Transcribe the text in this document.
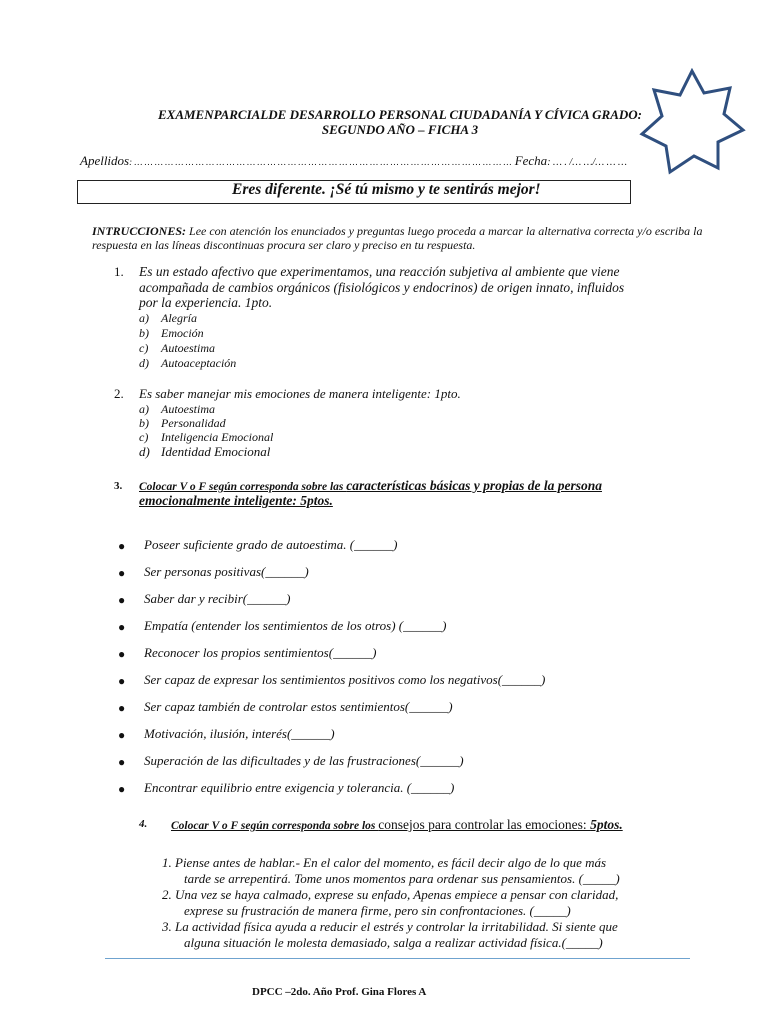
EXAMENPARCIALDE DESARROLLO PERSONAL CIUDADANÍA Y CÍVICA GRADO:
SEGUNDO AÑO – FICHA 3
Apellidos: … … … … … … … … … … … … … … … … … … … … … … … … … … … … … … … … … … … … … Fecha: … . /… …/… … …
Eres diferente. ¡Sé tú mismo y te sentirás mejor!
INTRUCCIONES: Lee con atención los enunciados y preguntas luego proceda a marcar la alternativa correcta y/o escriba la respuesta en las líneas discontinuas procura ser claro y preciso en tu respuesta.
1. Es un estado afectivo que experimentamos, una reacción subjetiva al ambiente que viene
acompañada de cambios orgánicos (fisiológicos y endocrinos) de origen innato, influidos
por la experiencia. 1pto.
a) Alegría
b) Emoción
c) Autoestima
d) Autoaceptación
2. Es saber manejar mis emociones de manera inteligente: 1pto.
a) Autoestima
b) Personalidad
c) Inteligencia Emocional
d) Identidad Emocional
3. Colocar V o F según corresponda sobre las características básicas y propias de la persona
emocionalmente inteligente: 5ptos.
● Poseer suficiente grado de autoestima. (______)
● Ser personas positivas(______)
● Saber dar y recibir(______)
● Empatía (entender los sentimientos de los otros) (______)
● Reconocer los propios sentimientos(______)
● Ser capaz de expresar los sentimientos positivos como los negativos(______)
● Ser capaz también de controlar estos sentimientos(______)
● Motivación, ilusión, interés(______)
● Superación de las dificultades y de las frustraciones(______)
● Encontrar equilibrio entre exigencia y tolerancia. (______)
4. Colocar V o F según corresponda sobre los consejos para controlar las emociones: 5ptos.
1. Piense antes de hablar.- En el calor del momento, es fácil decir algo de lo que más
tarde se arrepentirá. Tome unos momentos para ordenar sus pensamientos. (_____)
2. Una vez se haya calmado, exprese su enfado, Apenas empiece a pensar con claridad,
exprese su frustración de manera firme, pero sin confrontaciones. (_____)
3. La actividad física ayuda a reducir el estrés y controlar la irritabilidad. Si siente que
alguna situación le molesta demasiado, salga a realizar actividad física.(_____)
DPCC –2do. Año Prof. Gina Flores A
